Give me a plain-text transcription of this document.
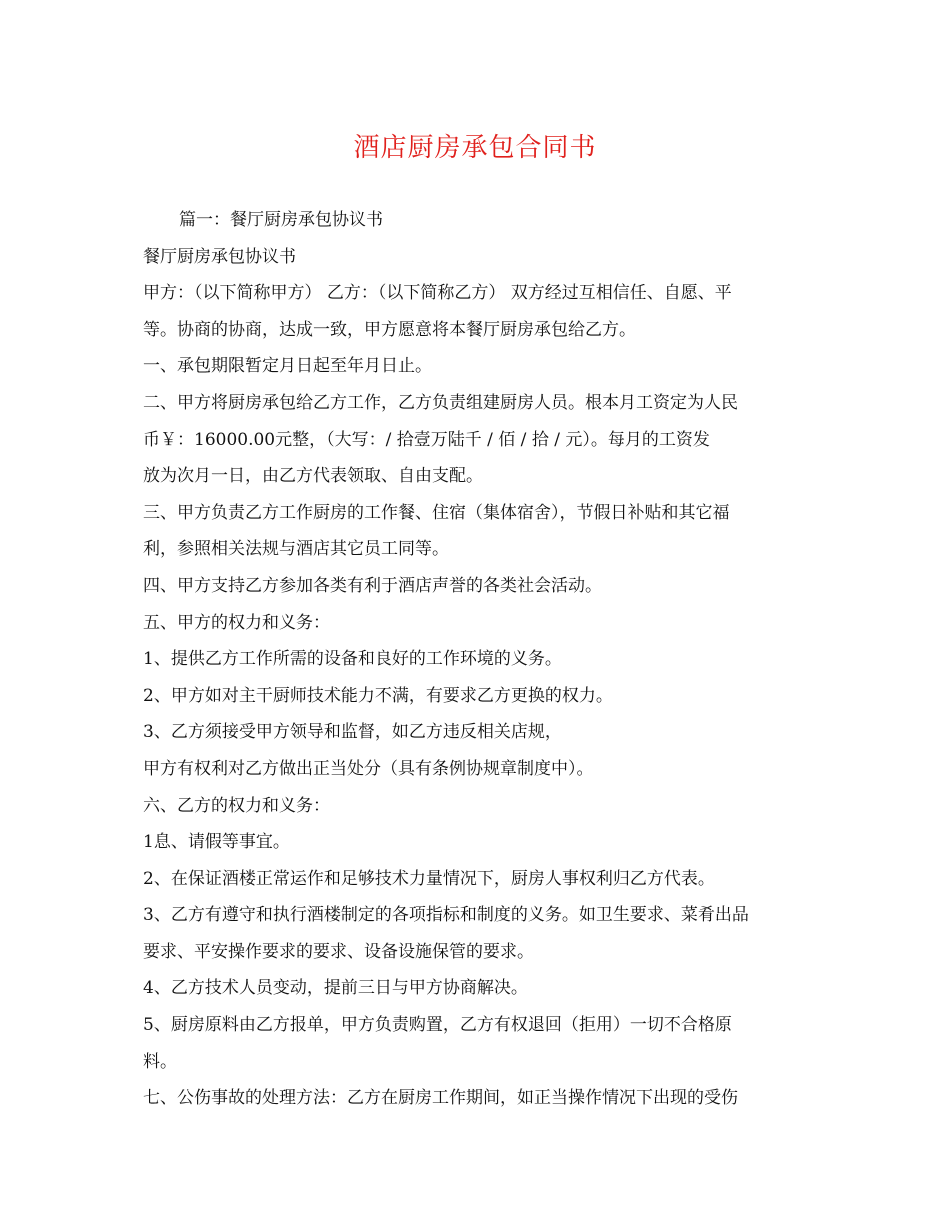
酒店厨房承包合同书
篇一：餐厅厨房承包协议书
餐厅厨房承包协议书
甲方：（以下简称甲方） 乙方：（以下简称乙方） 双方经过互相信任、自愿、平
等。协商的协商，达成一致，甲方愿意将本餐厅厨房承包给乙方。
一、承包期限暂定月日起至年月日止。
二、甲方将厨房承包给乙方工作，乙方负责组建厨房人员。根本月工资定为人民
币￥：16000.00元整，（大写：/ 拾壹万陆千 / 佰 / 拾 / 元）。每月的工资发
放为次月一日，由乙方代表领取、自由支配。
三、甲方负责乙方工作厨房的工作餐、住宿（集体宿舍），节假日补贴和其它福
利，参照相关法规与酒店其它员工同等。
四、甲方支持乙方参加各类有利于酒店声誉的各类社会活动。
五、甲方的权力和义务：
1、提供乙方工作所需的设备和良好的工作环境的义务。
2、甲方如对主干厨师技术能力不满，有要求乙方更换的权力。
3、乙方须接受甲方领导和监督，如乙方违反相关店规，
甲方有权利对乙方做出正当处分（具有条例协规章制度中）。
六、乙方的权力和义务：
1息、请假等事宜。
2、在保证酒楼正常运作和足够技术力量情况下，厨房人事权利归乙方代表。
3、乙方有遵守和执行酒楼制定的各项指标和制度的义务。如卫生要求、菜肴出品
要求、平安操作要求的要求、设备设施保管的要求。
4、乙方技术人员变动，提前三日与甲方协商解决。
5、厨房原料由乙方报单，甲方负责购置，乙方有权退回（拒用）一切不合格原
料。
七、公伤事故的处理方法：乙方在厨房工作期间，如正当操作情况下出现的受伤
